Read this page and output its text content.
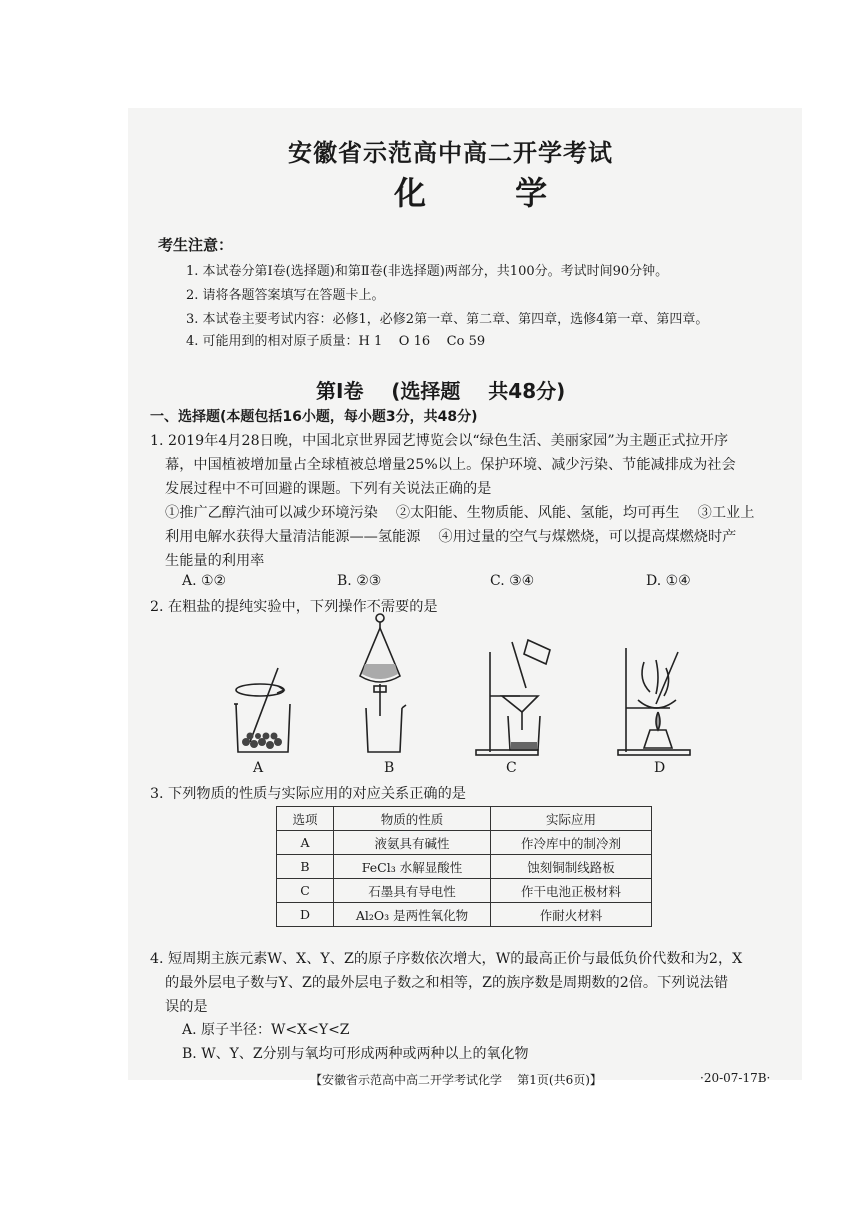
安徽省示范高中高二开学考试
化        学
考生注意：
1. 本试卷分第Ⅰ卷(选择题)和第Ⅱ卷(非选择题)两部分，共100分。考试时间90分钟。
2. 请将各题答案填写在答题卡上。
3. 本试卷主要考试内容：必修1，必修2第一章、第二章、第四章，选修4第一章、第四章。
4. 可能用到的相对原子质量：H 1    O 16    Co 59
第Ⅰ卷    (选择题    共48分)
一、选择题(本题包括16小题，每小题3分，共48分)
1. 2019年4月28日晚，中国北京世界园艺博览会以“绿色生活、美丽家园”为主题正式拉开序
幕，中国植被增加量占全球植被总增量25%以上。保护环境、减少污染、节能减排成为社会
发展过程中不可回避的课题。下列有关说法正确的是
①推广乙醇汽油可以减少环境污染    ②太阳能、生物质能、风能、氢能，均可再生    ③工业上
利用电解水获得大量清洁能源——氢能源    ④用过量的空气与煤燃烧，可以提高煤燃烧时产
生能量的利用率
A. ①②	B. ②③	C. ③④	D. ①④
2. 在粗盐的提纯实验中，下列操作不需要的是
A	B	C	D
3. 下列物质的性质与实际应用的对应关系正确的是
选项	物质的性质	实际应用
A	液氨具有碱性	作冷库中的制冷剂
B	FeCl₃ 水解显酸性	蚀刻铜制线路板
C	石墨具有导电性	作干电池正极材料
D	Al₂O₃ 是两性氧化物	作耐火材料
4. 短周期主族元素W、X、Y、Z的原子序数依次增大，W的最高正价与最低负价代数和为2，X
的最外层电子数与Y、Z的最外层电子数之和相等，Z的族序数是周期数的2倍。下列说法错
误的是
A. 原子半径：W<X<Y<Z
B. W、Y、Z分别与氧均可形成两种或两种以上的氧化物
【安徽省示范高中高二开学考试化学    第1页(共6页)】	·20-07-17B·
